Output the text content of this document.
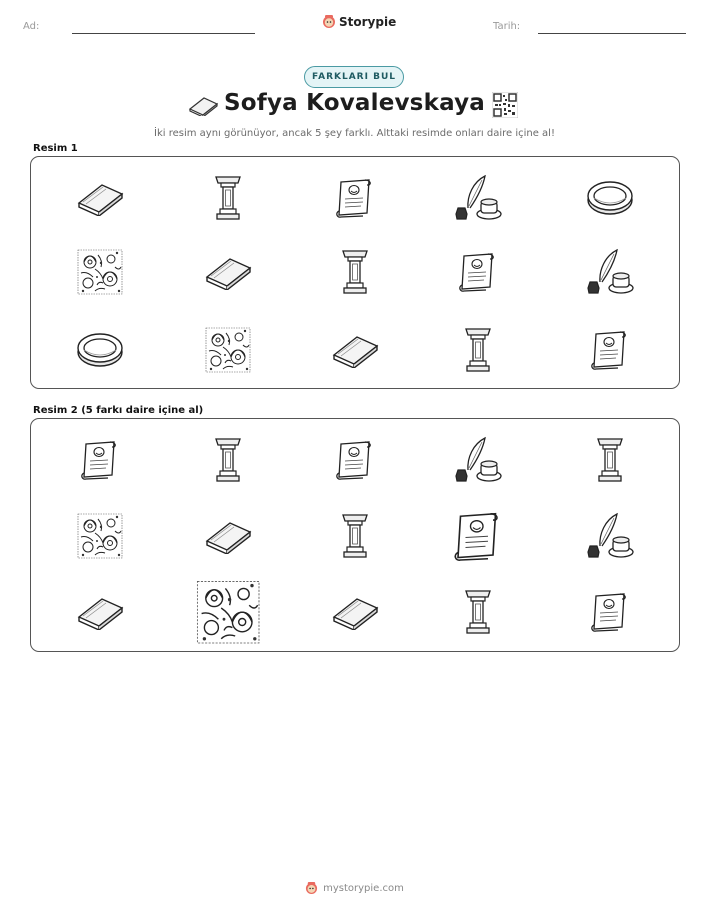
Ad:	Storypie	Tarih:
FARKLARI BUL
Sofya Kovalevskaya
İki resim aynı görünüyor, ancak 5 şey farklı. Alttaki resimde onları daire içine al!
Resim 1
Resim 2 (5 farkı daire içine al)
mystorypie.com
